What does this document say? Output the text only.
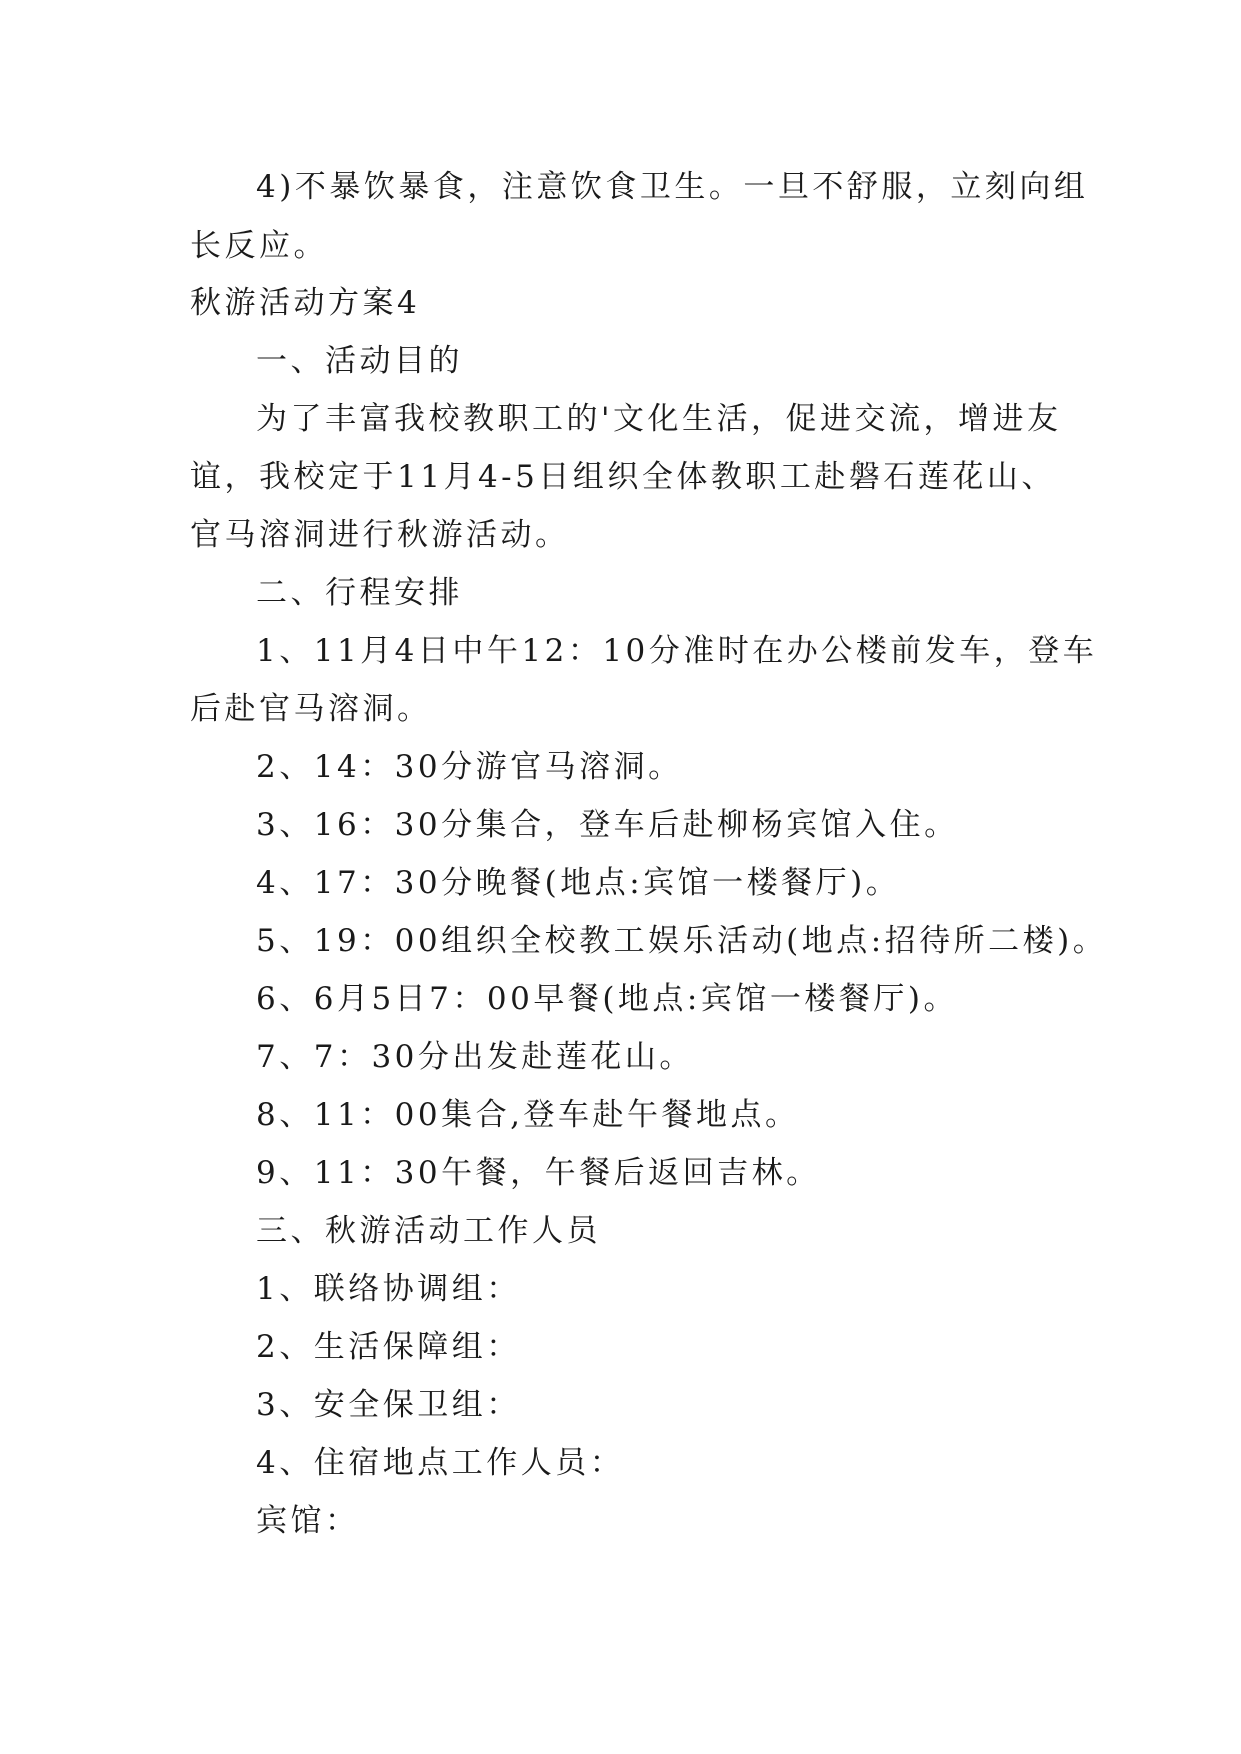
4)不暴饮暴食，注意饮食卫生。一旦不舒服，立刻向组
长反应。
秋游活动方案4
一、活动目的
为了丰富我校教职工的'文化生活，促进交流，增进友
谊，我校定于11月4-5日组织全体教职工赴磐石莲花山、
官马溶洞进行秋游活动。
二、行程安排
1、11月4日中午12：10分准时在办公楼前发车，登车
后赴官马溶洞。
2、14：30分游官马溶洞。
3、16：30分集合，登车后赴柳杨宾馆入住。
4、17：30分晚餐(地点:宾馆一楼餐厅)。
5、19：00组织全校教工娱乐活动(地点:招待所二楼)。
6、6月5日7：00早餐(地点:宾馆一楼餐厅)。
7、7：30分出发赴莲花山。
8、11：00集合,登车赴午餐地点。
9、11：30午餐，午餐后返回吉林。
三、秋游活动工作人员
1、联络协调组：
2、生活保障组：
3、安全保卫组：
4、住宿地点工作人员：
宾馆：
